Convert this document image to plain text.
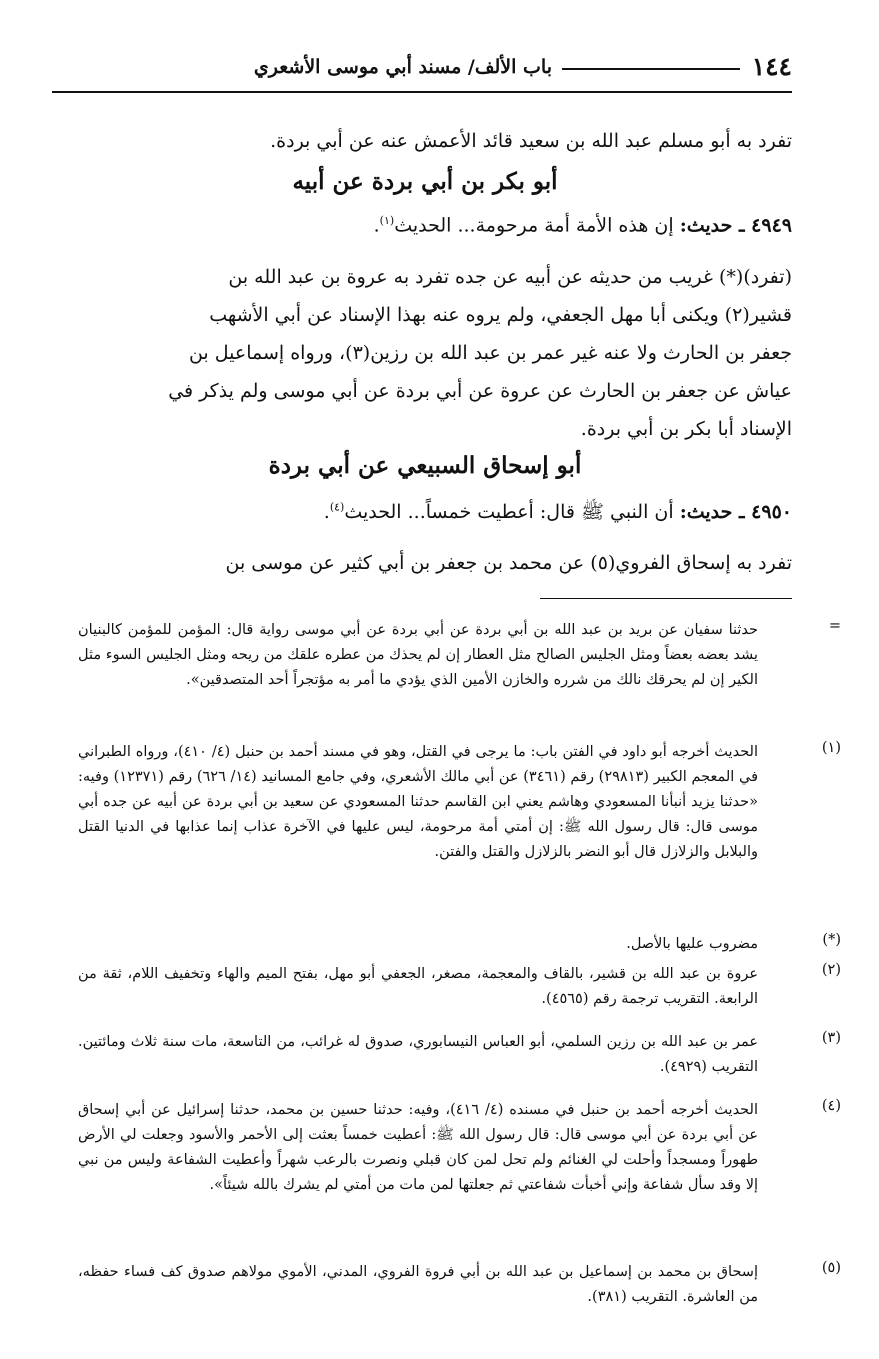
١٤٤
باب الألف/ مسند أبي موسى الأشعري
تفرد به أبو مسلم عبد الله بن سعيد قائد الأعمش عنه عن أبي بردة.
أبو بكر بن أبي بردة عن أبيه
٤٩٤٩ ـ حديث: إن هذه الأمة أمة مرحومة... الحديث$^{(١)}$.
(تفرد)(*) غريب من حديثه عن أبيه عن جده تفرد به عروة بن عبد الله بن
قشير(٢) ويكنى أبا مهل الجعفي، ولم يروه عنه بهذا الإسناد عن أبي الأشهب
جعفر بن الحارث ولا عنه غير عمر بن عبد الله بن رزين(٣)، ورواه إسماعيل بن
عياش عن جعفر بن الحارث عن عروة عن أبي بردة عن أبي موسى ولم يذكر في
الإسناد أبا بكر بن أبي بردة.
أبو إسحاق السبيعي عن أبي بردة
٤٩٥٠ ـ حديث: أن النبي ﷺ قال: أعطيت خمساً... الحديث$^{(٤)}$.
تفرد به إسحاق الفروي(٥) عن محمد بن جعفر بن أبي كثير عن موسى بن
=
حدثنا سفيان عن بريد بن عبد الله بن أبي بردة عن أبي بردة عن أبي موسى رواية قال: المؤمن للمؤمن كالبنيان يشد بعضه بعضاً ومثل الجليس الصالح مثل العطار إن لم يحذك من عطره علقك من ريحه ومثل الجليس السوء مثل الكير إن لم يحرقك نالك من شرره والخازن الأمين الذي يؤدي ما أمر به مؤتجراً أحد المتصدقين».
(١)
الحديث أخرجه أبو داود في الفتن باب: ما يرجى في القتل، وهو في مسند أحمد بن حنبل (٤/ ٤١٠)، ورواه الطبراني في المعجم الكبير (٢٩٨١٣) رقم (٣٤٦١) عن أبي مالك الأشعري، وفي جامع المسانيد (١٤/ ٦٢٦) رقم (١٢٣٧١) وفيه: «حدثنا يزيد أنبأنا المسعودي وهاشم يعني ابن القاسم حدثنا المسعودي عن سعيد بن أبي بردة عن أبيه عن جده أبي موسى قال: قال رسول الله ﷺ: إن أمتي أمة مرحومة، ليس عليها في الآخرة عذاب إنما عذابها في الدنيا القتل والبلابل والزلازل قال أبو النضر بالزلازل والقتل والفتن.
(*)
مضروب عليها بالأصل.
(٢)
عروة بن عبد الله بن قشير، بالقاف والمعجمة، مصغر، الجعفي أبو مهل، بفتح الميم والهاء وتخفيف اللام، ثقة من الرابعة. التقريب ترجمة رقم (٤٥٦٥).
(٣)
عمر بن عبد الله بن رزين السلمي، أبو العباس النيسابوري، صدوق له غرائب، من التاسعة، مات سنة ثلاث ومائتين. التقريب (٤٩٢٩).
(٤)
الحديث أخرجه أحمد بن حنبل في مسنده (٤/ ٤١٦)، وفيه: حدثنا حسين بن محمد، حدثنا إسرائيل عن أبي إسحاق عن أبي بردة عن أبي موسى قال: قال رسول الله ﷺ: أعطيت خمساً بعثت إلى الأحمر والأسود وجعلت لي الأرض طهوراً ومسجداً وأحلت لي الغنائم ولم تحل لمن كان قبلي ونصرت بالرعب شهراً وأعطيت الشفاعة وليس من نبي إلا وقد سأل شفاعة وإني أخبأت شفاعتي ثم جعلتها لمن مات من أمتي لم يشرك بالله شيئاً».
(٥)
إسحاق بن محمد بن إسماعيل بن عبد الله بن أبي فروة الفروي، المدني، الأموي مولاهم صدوق كف فساء حفظه، من العاشرة. التقريب (٣٨١).
